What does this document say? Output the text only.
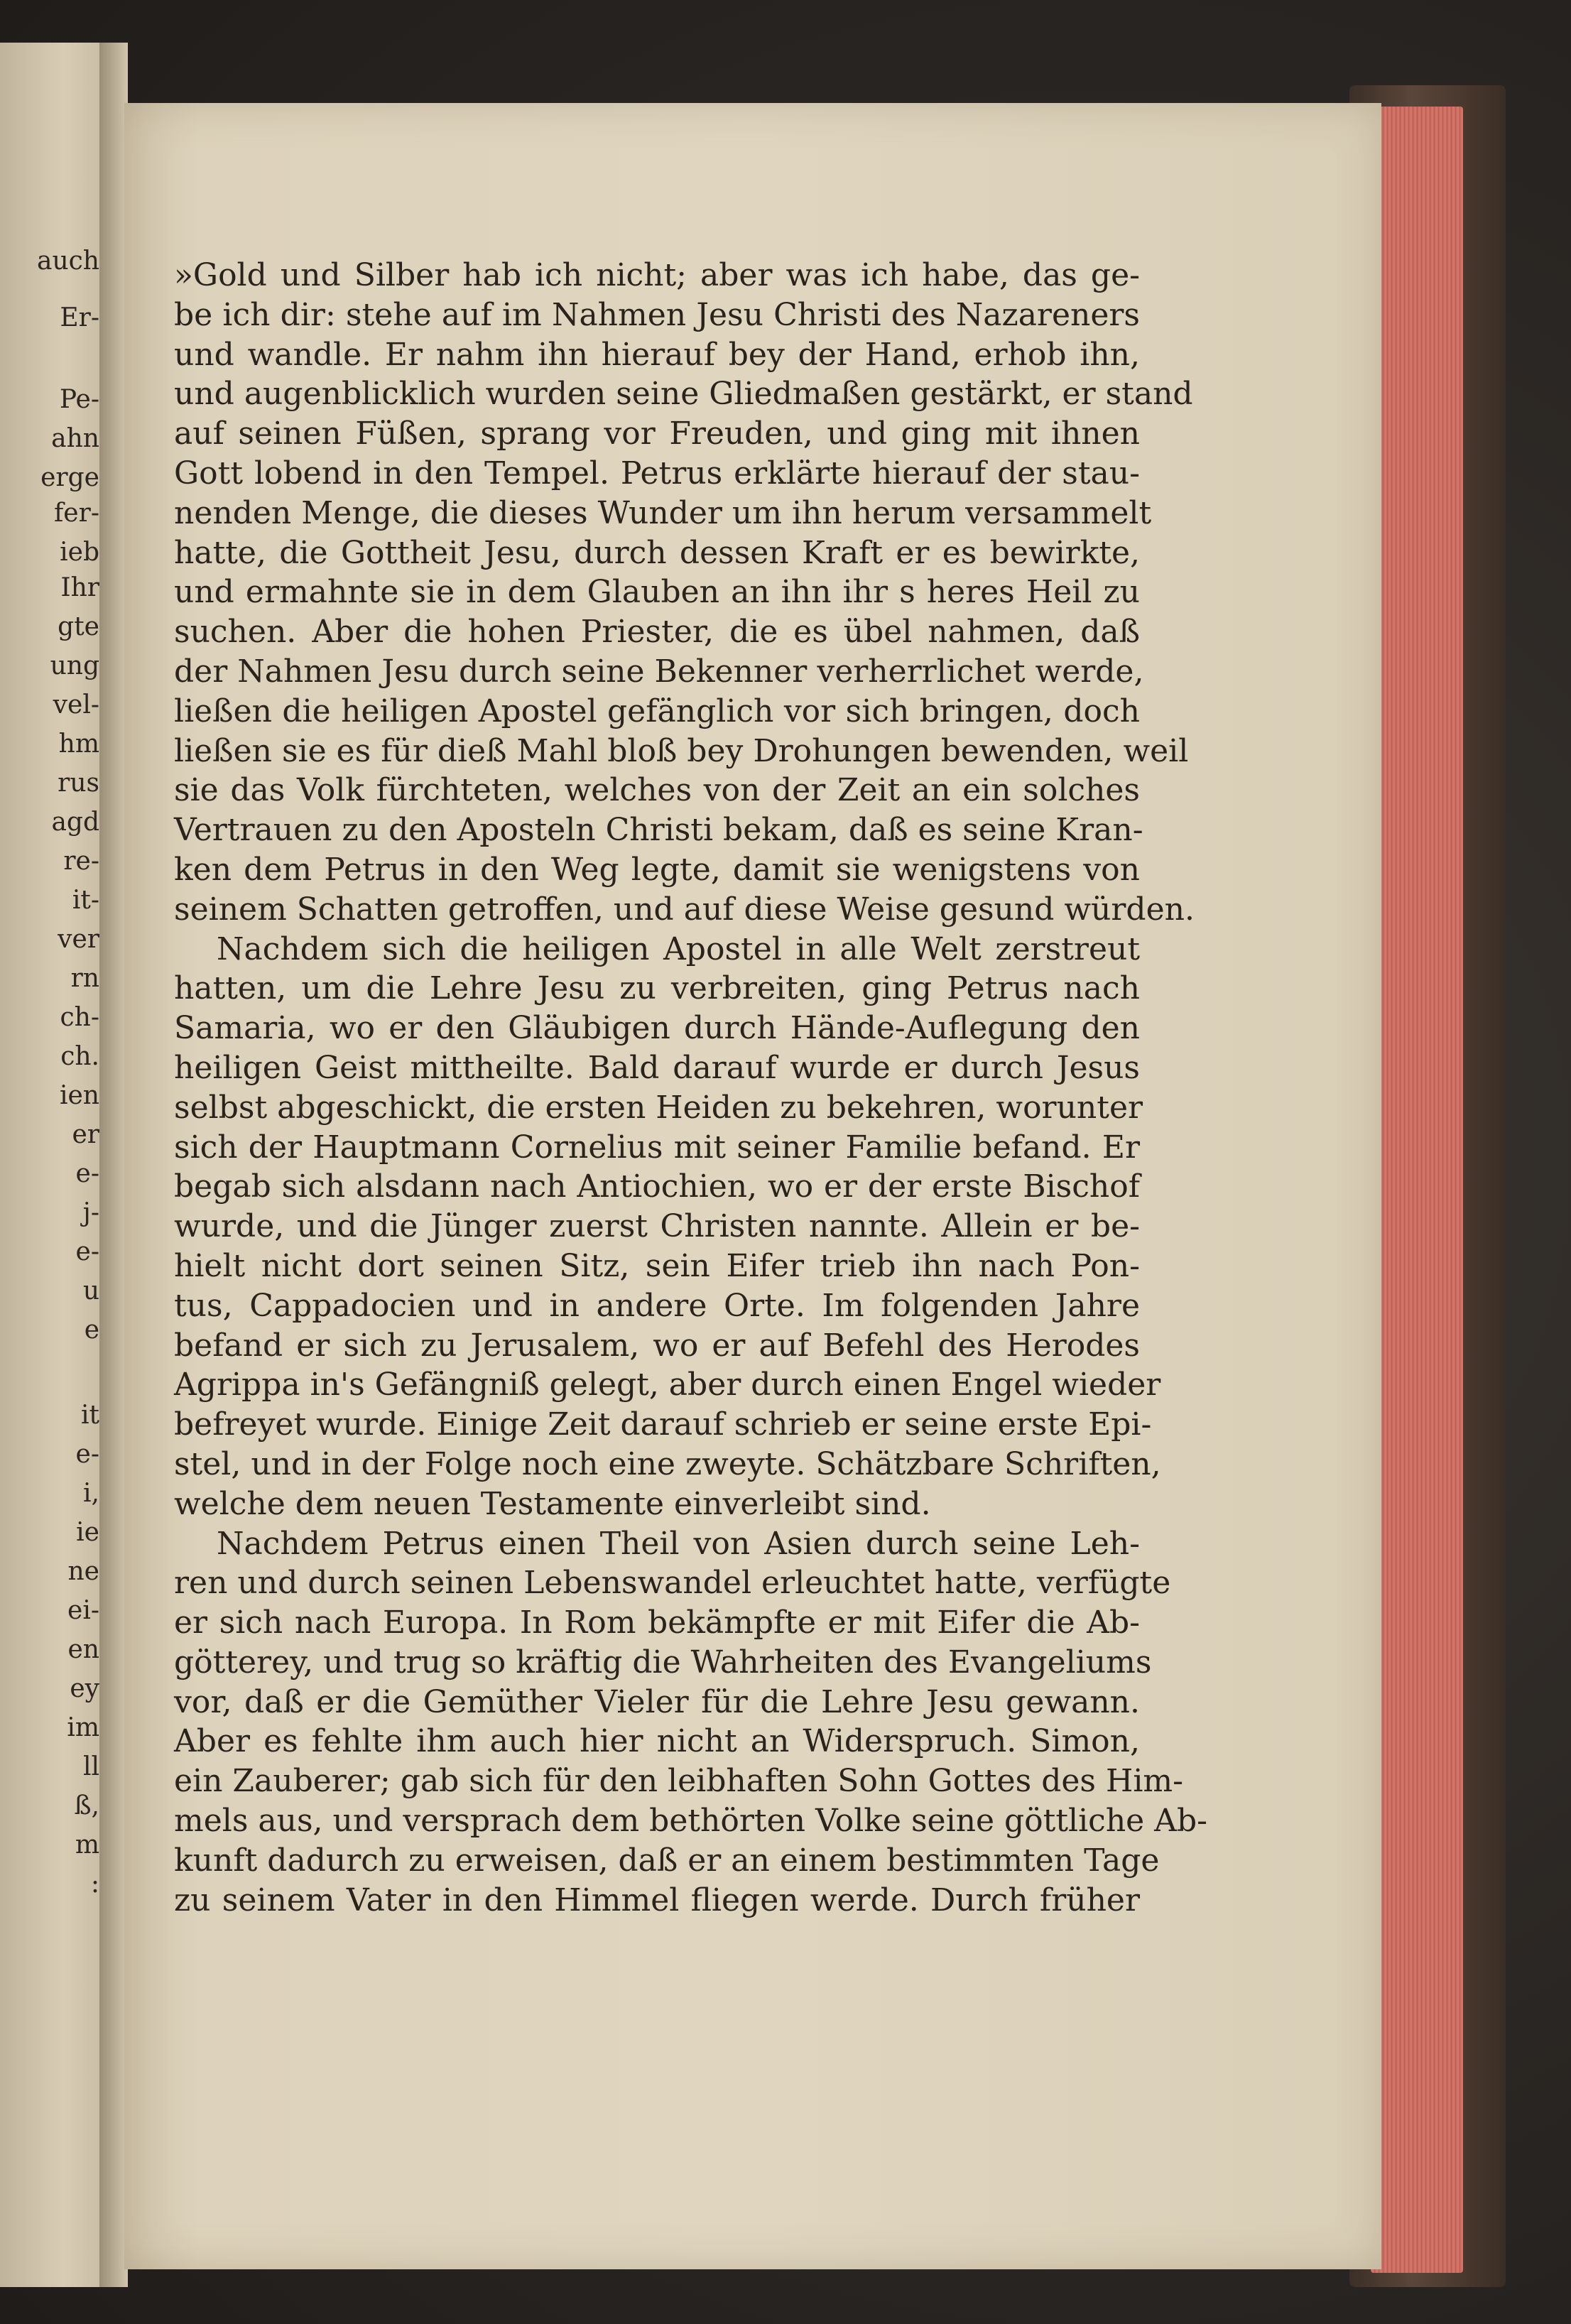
auch
Er-
Pe-
ahn
erge
fer-
ieb
Ihr
gte
ung
vel-
hm
rus
agd
re-
it-
ver
rn
ch-
ch.
ien
er
e-
j-
e-
u
e
it
e-
i,
ie
ne
ei-
en
ey
im
ll
ß,
m
:
»Gold und Silber hab ich nicht; aber was ich habe, das ge-
be ich dir: stehe auf im Nahmen Jesu Christi des Nazareners
und wandle. Er nahm ihn hierauf bey der Hand, erhob ihn,
und augenblicklich wurden seine Gliedmaßen gestärkt, er stand
auf seinen Füßen, sprang vor Freuden, und ging mit ihnen
Gott lobend in den Tempel. Petrus erklärte hierauf der stau-
nenden Menge, die dieses Wunder um ihn herum versammelt
hatte, die Gottheit Jesu, durch dessen Kraft er es bewirkte,
und ermahnte sie in dem Glauben an ihn ihr s heres Heil zu
suchen. Aber die hohen Priester, die es übel nahmen, daß
der Nahmen Jesu durch seine Bekenner verherrlichet werde,
ließen die heiligen Apostel gefänglich vor sich bringen, doch
ließen sie es für dieß Mahl bloß bey Drohungen bewenden, weil
sie das Volk fürchteten, welches von der Zeit an ein solches
Vertrauen zu den Aposteln Christi bekam, daß es seine Kran-
ken dem Petrus in den Weg legte, damit sie wenigstens von
seinem Schatten getroffen, und auf diese Weise gesund würden.
Nachdem sich die heiligen Apostel in alle Welt zerstreut
hatten, um die Lehre Jesu zu verbreiten, ging Petrus nach
Samaria, wo er den Gläubigen durch Hände-Auflegung den
heiligen Geist mittheilte. Bald darauf wurde er durch Jesus
selbst abgeschickt, die ersten Heiden zu bekehren, worunter
sich der Hauptmann Cornelius mit seiner Familie befand. Er
begab sich alsdann nach Antiochien, wo er der erste Bischof
wurde, und die Jünger zuerst Christen nannte. Allein er be-
hielt nicht dort seinen Sitz, sein Eifer trieb ihn nach Pon-
tus, Cappadocien und in andere Orte. Im folgenden Jahre
befand er sich zu Jerusalem, wo er auf Befehl des Herodes
Agrippa in's Gefängniß gelegt, aber durch einen Engel wieder
befreyet wurde. Einige Zeit darauf schrieb er seine erste Epi-
stel, und in der Folge noch eine zweyte. Schätzbare Schriften,
welche dem neuen Testamente einverleibt sind.
Nachdem Petrus einen Theil von Asien durch seine Leh-
ren und durch seinen Lebenswandel erleuchtet hatte, verfügte
er sich nach Europa. In Rom bekämpfte er mit Eifer die Ab-
götterey, und trug so kräftig die Wahrheiten des Evangeliums
vor, daß er die Gemüther Vieler für die Lehre Jesu gewann.
Aber es fehlte ihm auch hier nicht an Widerspruch. Simon,
ein Zauberer; gab sich für den leibhaften Sohn Gottes des Him-
mels aus, und versprach dem bethörten Volke seine göttliche Ab-
kunft dadurch zu erweisen, daß er an einem bestimmten Tage
zu seinem Vater in den Himmel fliegen werde. Durch früher
